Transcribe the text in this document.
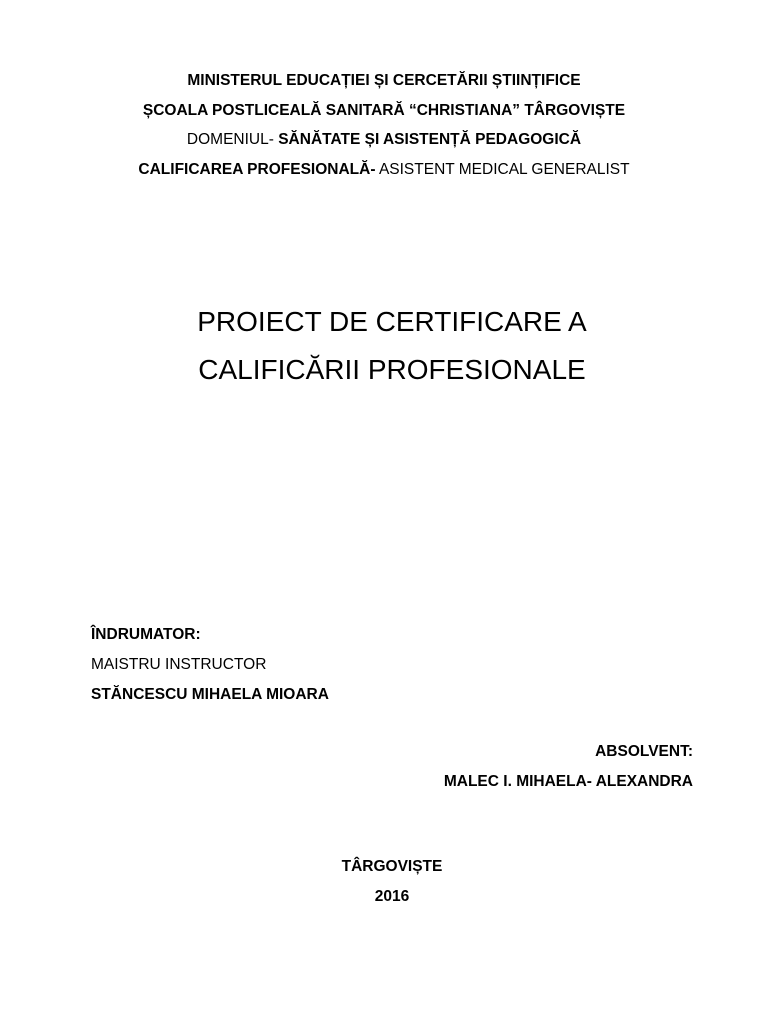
MINISTERUL EDUCAȚIEI ȘI CERCETĂRII ȘTIINȚIFICE
ȘCOALA POSTLICEALĂ SANITARĂ “CHRISTIANA” TÂRGOVIȘTE
DOMENIUL- SĂNĂTATE ȘI ASISTENȚĂ PEDAGOGICĂ
CALIFICAREA PROFESIONALĂ- ASISTENT MEDICAL GENERALIST
PROIECT DE CERTIFICARE A
CALIFICĂRII PROFESIONALE
ÎNDRUMATOR:
MAISTRU INSTRUCTOR
STĂNCESCU MIHAELA MIOARA
ABSOLVENT:
MALEC I. MIHAELA- ALEXANDRA
TÂRGOVIȘTE
2016
